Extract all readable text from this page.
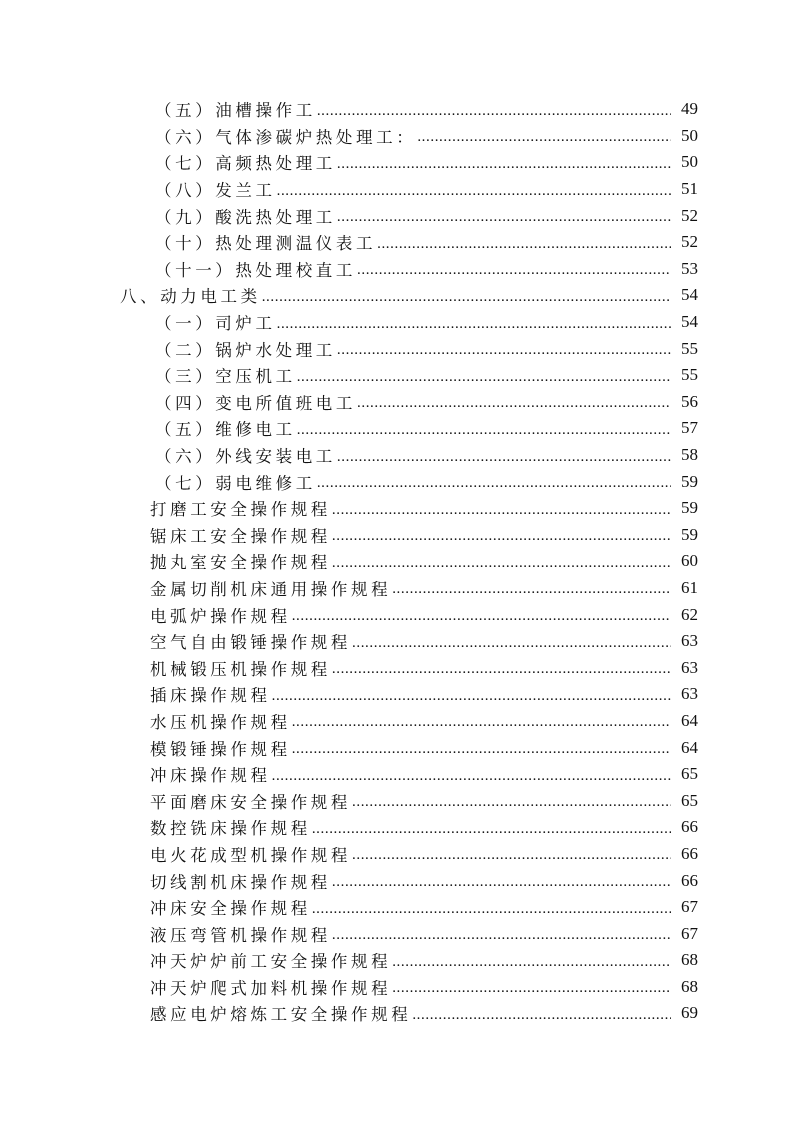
（五）油槽操作工 .....	49
（六）气体渗碳炉热处理工： .....	50
（七）高频热处理工 .....	50
（八）发兰工 .....	51
（九）酸洗热处理工 .....	52
（十）热处理测温仪表工 .....	52
（十一）热处理校直工 .....	53
八、动力电工类 .....	54
（一）司炉工 .....	54
（二）锅炉水处理工 .....	55
（三）空压机工 .....	55
（四）变电所值班电工 .....	56
（五）维修电工 .....	57
（六）外线安装电工 .....	58
（七）弱电维修工 .....	59
打磨工安全操作规程 .....	59
锯床工安全操作规程 .....	59
抛丸室安全操作规程 .....	60
金属切削机床通用操作规程 .....	61
电弧炉操作规程 .....	62
空气自由锻锤操作规程 .....	63
机械锻压机操作规程 .....	63
插床操作规程 .....	63
水压机操作规程 .....	64
模锻锤操作规程 .....	64
冲床操作规程 .....	65
平面磨床安全操作规程 .....	65
数控铣床操作规程 .....	66
电火花成型机操作规程 .....	66
切线割机床操作规程 .....	66
冲床安全操作规程 .....	67
液压弯管机操作规程 .....	67
冲天炉炉前工安全操作规程 .....	68
冲天炉爬式加料机操作规程 .....	68
感应电炉熔炼工安全操作规程 .....	69
